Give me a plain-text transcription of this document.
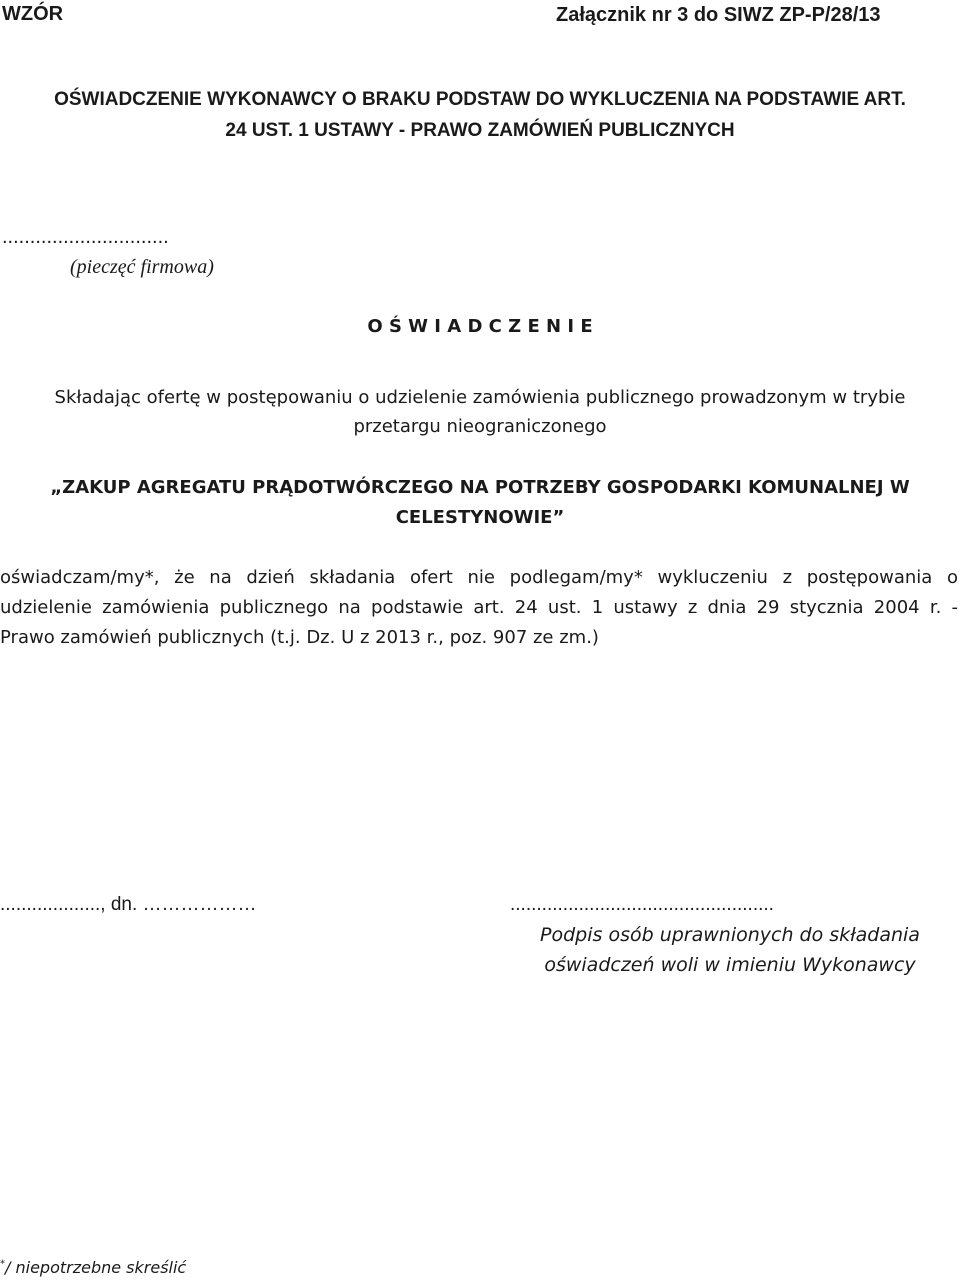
WZÓR	Załącznik nr 3 do SIWZ ZP-P/28/13
OŚWIADCZENIE WYKONAWCY O BRAKU PODSTAW DO WYKLUCZENIA NA PODSTAWIE ART.
24 UST. 1 USTAWY - PRAWO ZAMÓWIEŃ PUBLICZNYCH
..............................
(pieczęć firmowa)
O Ś W I A D C Z E N I E
Składając ofertę w postępowaniu o udzielenie zamówienia publicznego prowadzonym w trybie
przetargu nieograniczonego
„ZAKUP AGREGATU PRĄDOTWÓRCZEGO NA POTRZEBY GOSPODARKI KOMUNALNEJ W
CELESTYNOWIE”
oświadczam/my*, że na dzień składania ofert nie podlegam/my* wykluczeniu z postępowania o
udzielenie zamówienia publicznego na podstawie art. 24 ust. 1 ustawy z dnia 29 stycznia 2004 r. -
Prawo zamówień publicznych (t.j. Dz. U z 2013 r., poz. 907 ze zm.)
..................., dn. ………………	..................................................
Podpis osób uprawnionych do składania
oświadczeń woli w imieniu Wykonawcy
*/ niepotrzebne skreślić
